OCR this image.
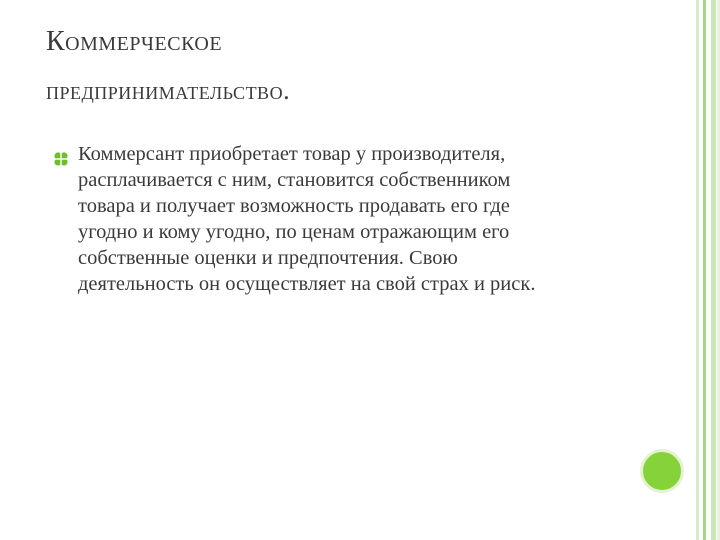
Коммерческое
предпринимательство.
Коммерсант приобретает товар у производителя,
расплачивается с ним, становится собственником
товара и получает возможность продавать его где
угодно и кому угодно, по ценам отражающим его
собственные оценки и предпочтения. Свою
деятельность он осуществляет на свой страх и риск.
